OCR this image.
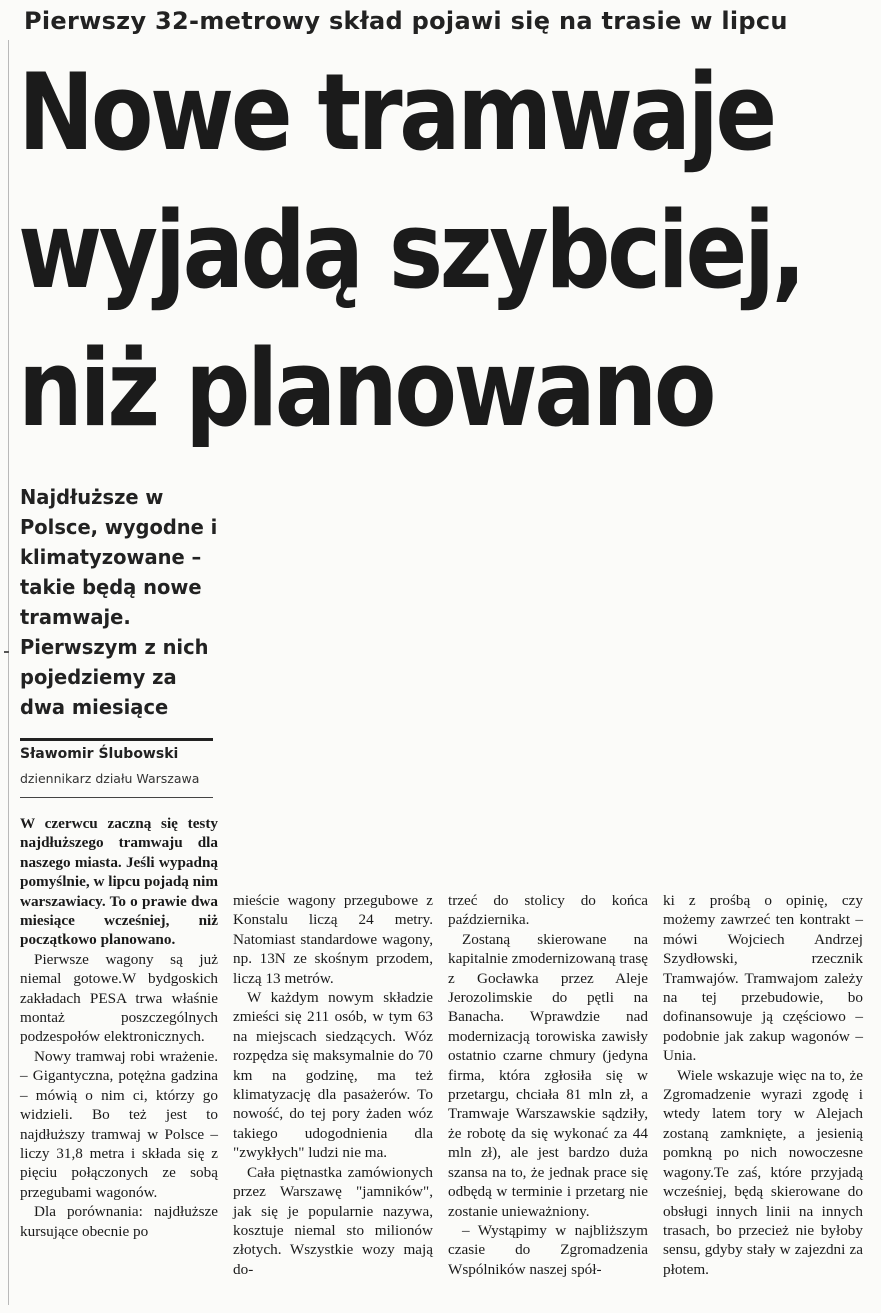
Pierwszy 32-metrowy skład pojawi się na trasie w lipcu
Nowe tramwaje
wyjadą szybciej,
niż planowano
Najdłuższe w Polsce, wygodne i klimatyzowane – takie będą nowe tramwaje. Pierwszym z nich pojedziemy za dwa miesiące
Sławomir Ślubowski
dziennikarz działu Warszawa

W czerwcu zaczną się testy najdłuższego tramwaju dla naszego miasta. Jeśli wypadną pomyślnie, w lipcu pojadą nim warszawiacy. To o prawie dwa miesiące wcześniej, niż początkowo planowano.

Pierwsze wagony są już niemal gotowe.W bydgoskich zakładach PESA trwa właśnie montaż poszczególnych podzespołów elektronicznych.

Nowy tramwaj robi wrażenie. – Gigantyczna, potężna gadzina – mówią o nim ci, którzy go widzieli. Bo też jest to najdłuższy tramwaj w Polsce – liczy 31,8 metra i składa się z pięciu połączonych ze sobą przegubami wagonów.

Dla porównania: najdłuższe kursujące obecnie po

mieście wagony przegubowe z Konstalu liczą 24 metry. Natomiast standardowe wagony, np. 13N ze skośnym przodem, liczą 13 metrów.

W każdym nowym składzie zmieści się 211 osób, w tym 63 na miejscach siedzących. Wóz rozpędza się maksymalnie do 70 km na godzinę, ma też klimatyzację dla pasażerów. To nowość, do tej pory żaden wóz takiego udogodnienia dla "zwykłych" ludzi nie ma.

Cała piętnastka zamówionych przez Warszawę "jamników", jak się je popularnie nazywa, kosztuje niemal sto milionów złotych. Wszystkie wozy mają do-

trzeć do stolicy do końca października.

Zostaną skierowane na kapitalnie zmodernizowaną trasę z Gocławka przez Aleje Jerozolimskie do pętli na Banacha. Wprawdzie nad modernizacją torowiska zawisły ostatnio czarne chmury (jedyna firma, która zgłosiła się w przetargu, chciała 81 mln zł, a Tramwaje Warszawskie sądziły, że robotę da się wykonać za 44 mln zł), ale jest bardzo duża szansa na to, że jednak prace się odbędą w terminie i przetarg nie zostanie unieważniony.

– Wystąpimy w najbliższym czasie do Zgromadzenia Wspólników naszej spół-

ki z prośbą o opinię, czy możemy zawrzeć ten kontrakt – mówi Wojciech Andrzej Szydłowski, rzecznik Tramwajów. Tramwajom zależy na tej przebudowie, bo dofinansowuje ją częściowo – podobnie jak zakup wagonów – Unia.

Wiele wskazuje więc na to, że Zgromadzenie wyrazi zgodę i wtedy latem tory w Alejach zostaną zamknięte, a jesienią pomkną po nich nowoczesne wagony.Te zaś, które przyjadą wcześniej, będą skierowane do obsługi innych linii na innych trasach, bo przecież nie byłoby sensu, gdyby stały w zajezdni za płotem.
